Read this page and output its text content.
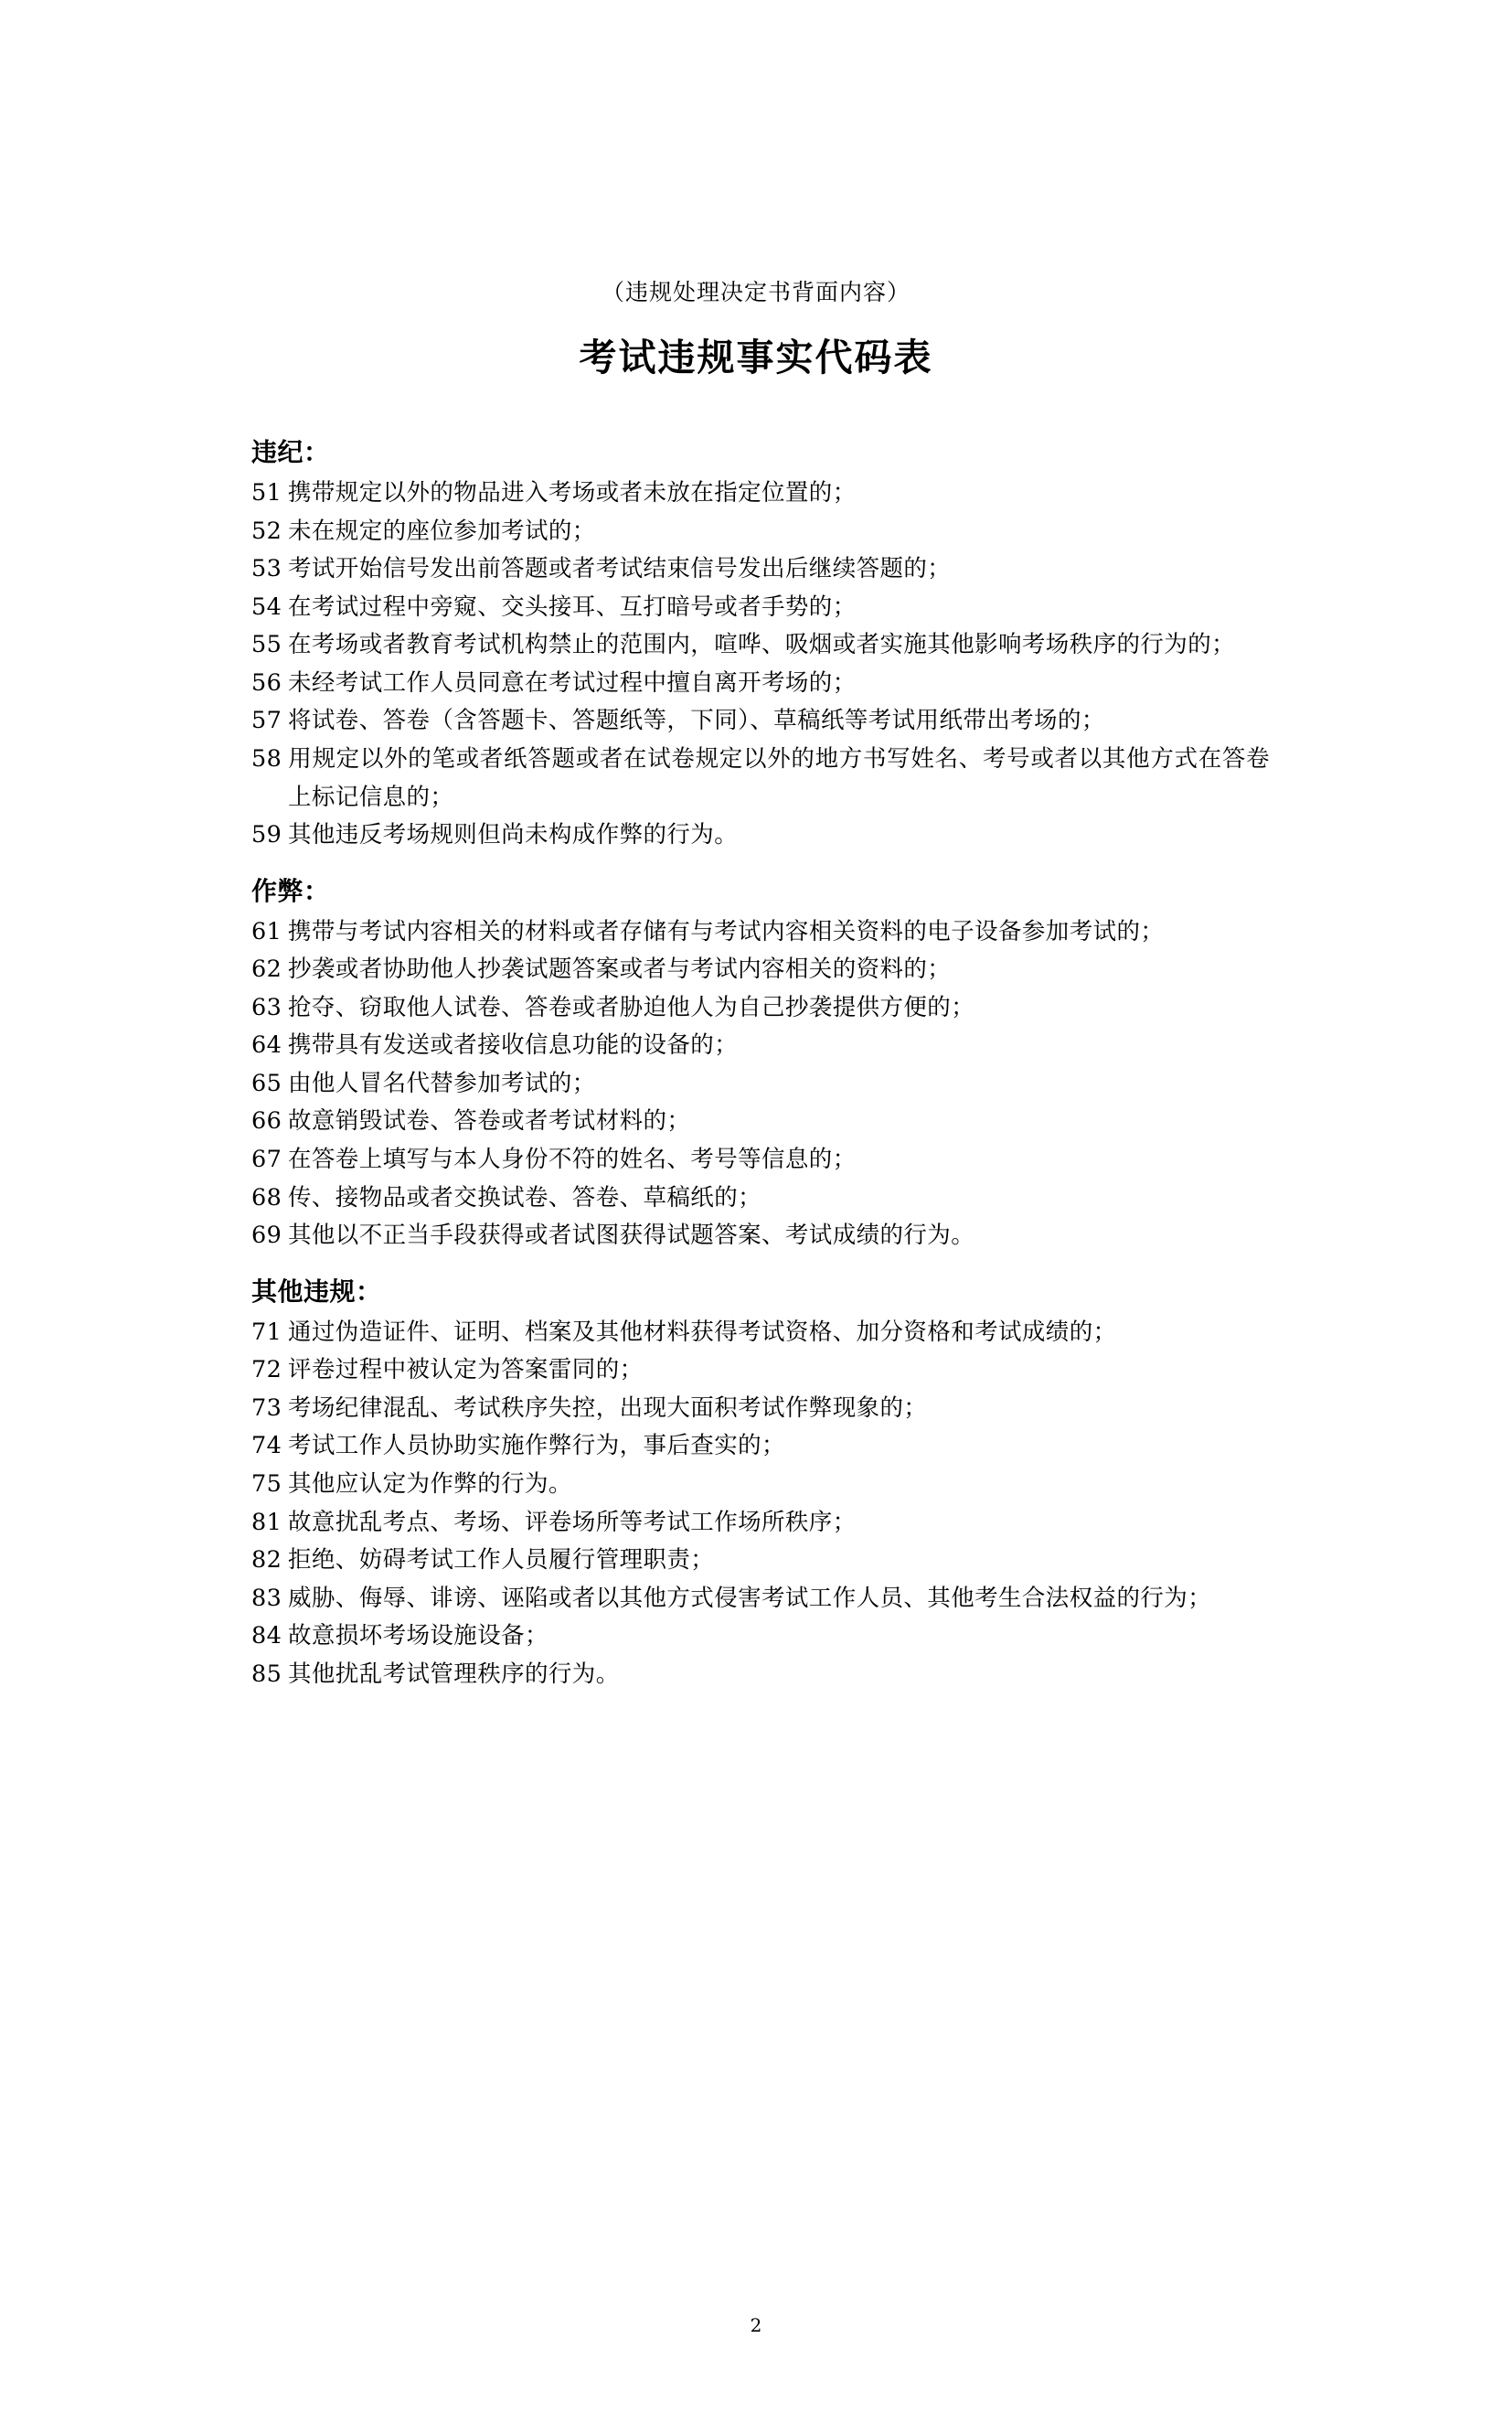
（违规处理决定书背面内容）
考试违规事实代码表
违纪：
51 携带规定以外的物品进入考场或者未放在指定位置的；
52 未在规定的座位参加考试的；
53 考试开始信号发出前答题或者考试结束信号发出后继续答题的；
54 在考试过程中旁窥、交头接耳、互打暗号或者手势的；
55 在考场或者教育考试机构禁止的范围内，喧哗、吸烟或者实施其他影响考场秩序的行为的；
56 未经考试工作人员同意在考试过程中擅自离开考场的；
57 将试卷、答卷（含答题卡、答题纸等，下同）、草稿纸等考试用纸带出考场的；
58 用规定以外的笔或者纸答题或者在试卷规定以外的地方书写姓名、考号或者以其他方式在答卷上标记信息的；
59 其他违反考场规则但尚未构成作弊的行为。
作弊：
61 携带与考试内容相关的材料或者存储有与考试内容相关资料的电子设备参加考试的；
62 抄袭或者协助他人抄袭试题答案或者与考试内容相关的资料的；
63 抢夺、窃取他人试卷、答卷或者胁迫他人为自己抄袭提供方便的；
64 携带具有发送或者接收信息功能的设备的；
65 由他人冒名代替参加考试的；
66 故意销毁试卷、答卷或者考试材料的；
67 在答卷上填写与本人身份不符的姓名、考号等信息的；
68 传、接物品或者交换试卷、答卷、草稿纸的；
69 其他以不正当手段获得或者试图获得试题答案、考试成绩的行为。
其他违规：
71 通过伪造证件、证明、档案及其他材料获得考试资格、加分资格和考试成绩的；
72 评卷过程中被认定为答案雷同的；
73 考场纪律混乱、考试秩序失控，出现大面积考试作弊现象的；
74 考试工作人员协助实施作弊行为，事后查实的；
75 其他应认定为作弊的行为。
81 故意扰乱考点、考场、评卷场所等考试工作场所秩序；
82 拒绝、妨碍考试工作人员履行管理职责；
83 威胁、侮辱、诽谤、诬陷或者以其他方式侵害考试工作人员、其他考生合法权益的行为；
84 故意损坏考场设施设备；
85 其他扰乱考试管理秩序的行为。
2
